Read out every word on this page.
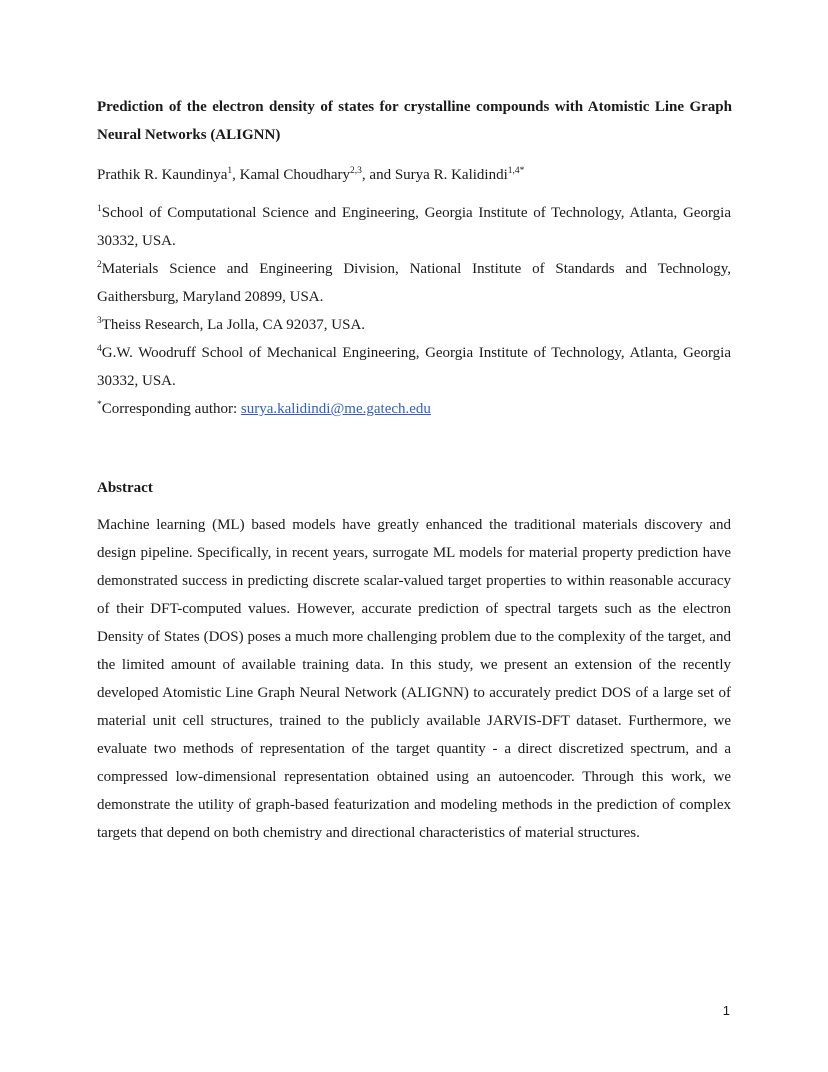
Prediction of the electron density of states for crystalline compounds with Atomistic Line Graph Neural Networks (ALIGNN)

Prathik R. Kaundinya$^1$, Kamal Choudhary$^{2,3}$, and Surya R. Kalidindi$^{1,4*}$

$^1$School of Computational Science and Engineering, Georgia Institute of Technology, Atlanta, Georgia 30332, USA.

$^2$Materials Science and Engineering Division, National Institute of Standards and Technology, Gaithersburg, Maryland 20899, USA.

$^3$Theiss Research, La Jolla, CA 92037, USA.

$^4$G.W. Woodruff School of Mechanical Engineering, Georgia Institute of Technology, Atlanta, Georgia 30332, USA.

*Corresponding author: surya.kalidindi@me.gatech.edu

Abstract

Machine learning (ML) based models have greatly enhanced the traditional materials discovery and design pipeline. Specifically, in recent years, surrogate ML models for material property prediction have demonstrated success in predicting discrete scalar-valued target properties to within reasonable accuracy of their DFT-computed values. However, accurate prediction of spectral targets such as the electron Density of States (DOS) poses a much more challenging problem due to the complexity of the target, and the limited amount of available training data. In this study, we present an extension of the recently developed Atomistic Line Graph Neural Network (ALIGNN) to accurately predict DOS of a large set of material unit cell structures, trained to the publicly available JARVIS-DFT dataset. Furthermore, we evaluate two methods of representation of the target quantity - a direct discretized spectrum, and a compressed low-dimensional representation obtained using an autoencoder. Through this work, we demonstrate the utility of graph-based featurization and modeling methods in the prediction of complex targets that depend on both chemistry and directional characteristics of material structures.

1
